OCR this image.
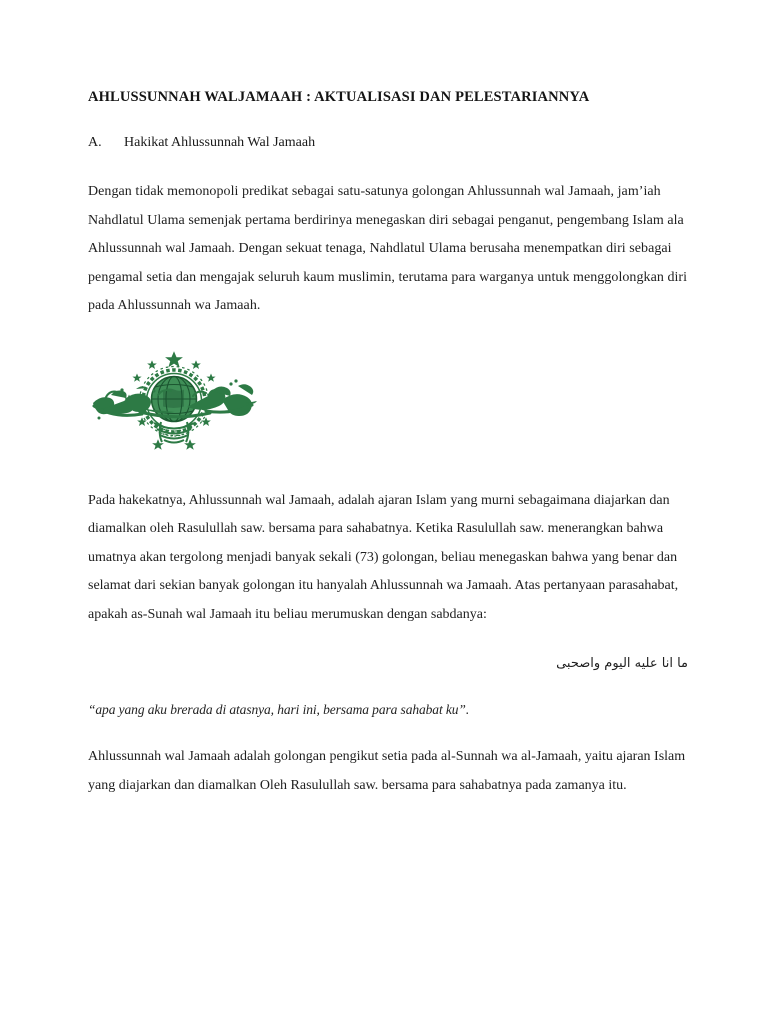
AHLUSSUNNAH WALJAMAAH : AKTUALISASI DAN PELESTARIANNYA
A.	Hakikat Ahlussunnah Wal Jamaah

Dengan tidak memonopoli predikat sebagai satu-satunya golongan Ahlussunnah wal Jamaah, jam’iah Nahdlatul Ulama semenjak pertama berdirinya menegaskan diri sebagai penganut, pengembang Islam ala Ahlussunnah wal Jamaah. Dengan sekuat tenaga, Nahdlatul Ulama berusaha menempatkan diri sebagai pengamal setia dan mengajak seluruh kaum muslimin, terutama para warganya untuk menggolongkan diri pada Ahlussunnah wa Jamaah.

Pada hakekatnya, Ahlussunnah wal Jamaah, adalah ajaran Islam yang murni sebagaimana diajarkan dan diamalkan oleh Rasulullah saw. bersama para sahabatnya. Ketika Rasulullah saw. menerangkan bahwa umatnya akan tergolong menjadi banyak sekali (73) golongan, beliau menegaskan bahwa yang benar dan selamat dari sekian banyak golongan itu hanyalah Ahlussunnah wa Jamaah. Atas pertanyaan parasahabat, apakah as-Sunah wal Jamaah itu beliau merumuskan dengan sabdanya:

ما انا عليه اليوم واصحبى

“apa yang aku brerada di atasnya, hari ini, bersama para sahabat ku”.

Ahlussunnah wal Jamaah adalah golongan pengikut setia pada al-Sunnah wa al-Jamaah, yaitu ajaran Islam yang diajarkan dan diamalkan Oleh Rasulullah saw. bersama para sahabatnya pada zamanya itu.
